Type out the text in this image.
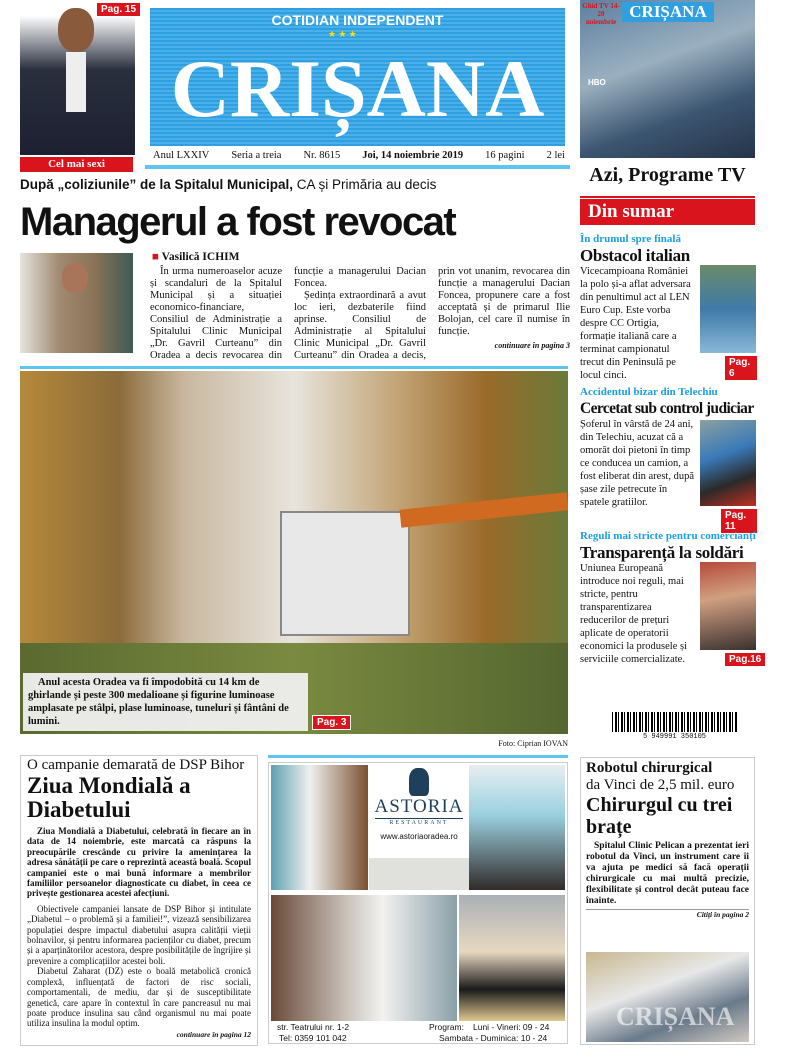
Pag. 15
Cel mai sexi
COTIDIAN INDEPENDENT
★ ★ ★
CRIȘANA
Anul LXXIV Seria a treia Nr. 8615 Joi, 14 noiembrie 2019 16 pagini 2 lei
CRIȘANA
Ghid TV 14-20 noiembrie
HBO
Azi, Programe TV
După „coliziunile” de la Spitalul Municipal, CA și Primăria au decis
Managerul a fost revocat
■ Vasilică ICHIM

În urma numeroaselor acuze și scandaluri de la Spitalul Municipal și a situației economico-financiare, Consiliul de Administrație a Spitalului Clinic Municipal „Dr. Gavril Curteanu” din Oradea a decis revocarea din funcție a managerului Dacian Foncea.

Ședința extraordinară a avut loc ieri, dezbaterile fiind aprinse. Consiliul de Administrație al Spitalului Clinic Municipal „Dr. Gavril Curteanu” din Oradea a decis, prin vot unanim, revocarea din funcție a managerului Dacian Foncea, propunere care a fost acceptată și de primarul Ilie Bolojan, cel care îl numise în funcție.

continuare în pagina 3
Anul acesta Oradea va fi împodobită cu 14 km de ghirlande și peste 300 medalioane și figurine luminoase amplasate pe stâlpi, plase luminoase, tuneluri și fântâni de lumini.	Pag. 3
Foto: Ciprian IOVAN
Din sumar
În drumul spre finală
Obstacol italian
Vicecampioana României la polo și-a aflat adversara din penultimul act al LEN Euro Cup. Este vorba despre CC Ortigia, formație italiană care a terminat campionatul trecut din Peninsulă pe locul cinci.
Pag. 6
Accidentul bizar din Telechiu
Cercetat sub control judiciar
Șoferul în vârstă de 24 ani, din Telechiu, acuzat că a omorât doi pietoni în timp ce conducea un camion, a fost eliberat din arest, după șase zile petrecute în spatele gratiilor.
Pag. 11
Reguli mai stricte pentru comercianți
Transparență la soldări
Uniunea Europeană introduce noi reguli, mai stricte, pentru transparentizarea reducerilor de prețuri aplicate de operatorii economici la produsele și serviciile comercializate.	Pag.16
5 949991 350105
O campanie demarată de DSP Bihor
Ziua Mondială a Diabetului
Ziua Mondială a Diabetului, celebrată în fiecare an în data de 14 noiembrie, este marcată ca răspuns la preocupările crescânde cu privire la amenințarea la adresa sănătății pe care o reprezintă această boală. Scopul campaniei este o mai bună informare a membrilor familiilor persoanelor diagnosticate cu diabet, în ceea ce privește gestionarea acestei afecțiuni.
Obiectivele campaniei lansate de DSP Bihor și intitulate „Diabetul – o problemă și a familiei!”, vizează sensibilizarea populației despre impactul diabetului asupra calității vieții bolnavilor, și pentru informarea pacienților cu diabet, precum și a aparținătorilor acestora, despre posibilitățile de îngrijire și prevenire a complicațiilor acestei boli.
Diabetul Zaharat (DZ) este o boală metabolică cronică complexă, influențată de factori de risc sociali, comportamentali, de mediu, dar și de susceptibilitate genetică, care apare în contextul în care pancreasul nu mai poate produce insulina sau când organismul nu mai poate utiliza insulina la modul optim.
continuare în pagina 12
ASTORIA
RESTAURANT
www.astoriaoradea.ro
str. Teatrului nr. 1-2
Tel: 0359 101 042
Program: Luni - Vineri: 09 - 24
Sambata - Duminica: 10 - 24
Robotul chirurgical
da Vinci de 2,5 mil. euro
Chirurgul cu trei brațe
Spitalul Clinic Pelican a prezentat ieri robotul da Vinci, un instrument care îi va ajuta pe medici să facă operații chirurgicale cu mai multă precizie, flexibilitate și control decât puteau face înainte.
Citiți în pagina 2
CRIȘANA
